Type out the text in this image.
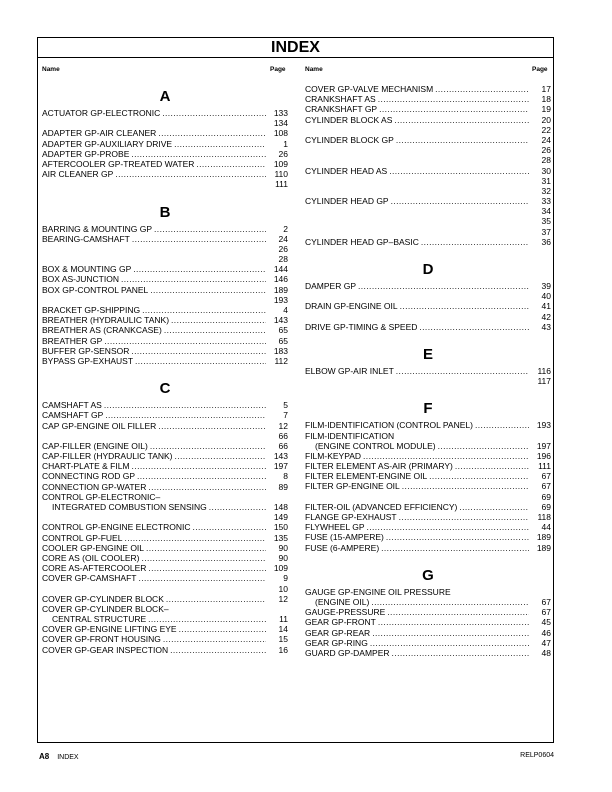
INDEX
Name	Page	Name	Page
A
ACTUATOR GP-ELECTRONIC .....	133
134
ADAPTER GP-AIR CLEANER .....	108
ADAPTER GP-AUXILIARY DRIVE .....	1
ADAPTER GP-PROBE .....	26
AFTERCOOLER GP-TREATED WATER .....	109
AIR CLEANER GP .....	110
111
B
BARRING & MOUNTING GP .....	2
BEARING-CAMSHAFT .....	24
26
28
BOX & MOUNTING GP .....	144
BOX AS-JUNCTION .....	146
BOX GP-CONTROL PANEL .....	189
193
BRACKET GP-SHIPPING .....	4
BREATHER (HYDRAULIC TANK) .....	143
BREATHER AS (CRANKCASE) .....	65
BREATHER GP .....	65
BUFFER GP-SENSOR .....	183
BYPASS GP-EXHAUST .....	112
C
CAMSHAFT AS .....	5
CAMSHAFT GP .....	7
CAP GP-ENGINE OIL FILLER .....	12
66
CAP-FILLER (ENGINE OIL) .....	66
CAP-FILLER (HYDRAULIC TANK) .....	143
CHART-PLATE & FILM .....	197
CONNECTING ROD GP .....	8
CONNECTION GP-WATER .....	89
CONTROL GP-ELECTRONIC–
INTEGRATED COMBUSTION SENSING .....	148
149
CONTROL GP-ENGINE ELECTRONIC .....	150
CONTROL GP-FUEL .....	135
COOLER GP-ENGINE OIL .....	90
CORE AS (OIL COOLER) .....	90
CORE AS-AFTERCOOLER .....	109
COVER GP-CAMSHAFT .....	9
10
COVER GP-CYLINDER BLOCK .....	12
COVER GP-CYLINDER BLOCK–
CENTRAL STRUCTURE .....	11
COVER GP-ENGINE LIFTING EYE .....	14
COVER GP-FRONT HOUSING .....	15
COVER GP-GEAR INSPECTION .....	16
COVER GP-VALVE MECHANISM .....	17
CRANKSHAFT AS .....	18
CRANKSHAFT GP .....	19
CYLINDER BLOCK AS .....	20
22
CYLINDER BLOCK GP .....	24
26
28
CYLINDER HEAD AS .....	30
31
32
CYLINDER HEAD GP .....	33
34
35
37
CYLINDER HEAD GP–BASIC .....	36
D
DAMPER GP .....	39
40
DRAIN GP-ENGINE OIL .....	41
42
DRIVE GP-TIMING & SPEED .....	43
E
ELBOW GP-AIR INLET .....	116
117
F
FILM-IDENTIFICATION (CONTROL PANEL) .....	193
FILM-IDENTIFICATION
(ENGINE CONTROL MODULE) .....	197
FILM-KEYPAD .....	196
FILTER ELEMENT AS-AIR (PRIMARY) .....	111
FILTER ELEMENT-ENGINE OIL .....	67
FILTER GP-ENGINE OIL .....	67
69
FILTER-OIL (ADVANCED EFFICIENCY) .....	69
FLANGE GP-EXHAUST .....	118
FLYWHEEL GP .....	44
FUSE (15-AMPERE) .....	189
FUSE (6-AMPERE) .....	189
G
GAUGE GP-ENGINE OIL PRESSURE
(ENGINE OIL) .....	67
GAUGE-PRESSURE .....	67
GEAR GP-FRONT .....	45
GEAR GP-REAR .....	46
GEAR GP-RING .....	47
GUARD GP-DAMPER .....	48
A8 INDEX	RELP0604
